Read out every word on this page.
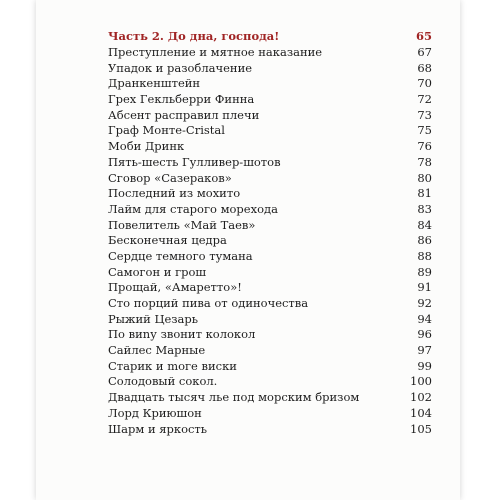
Часть 2. До дна, господа!	65
Преступление и мятное наказание	67
Упадок и разоблачение	68
Дранкенштейн	70
Грех Гекльберри Финна	72
Абсент расправил плечи	73
Граф Монте-Cristal	75
Моби Дринк	76
Пять-шесть Гулливер-шотов	78
Сговор «Сазераков»	80
Последний из мохито	81
Лайм для старого морехода	83
Повелитель «Май Таев»	84
Бесконечная цедра	86
Сердце темного тумана	88
Самогон и грош	89
Прощай, «Амаретто»!	91
Сто порций пива от одиночества	92
Рыжий Цезарь	94
По виnу звонит колокол	96
Сайлес Марные	97
Старик и moге виски	99
Солодовый сокол.	100
Двадцать тысяч лье под морским бризом	102
Лорд Криюшон	104
Шарм и яркость	105
